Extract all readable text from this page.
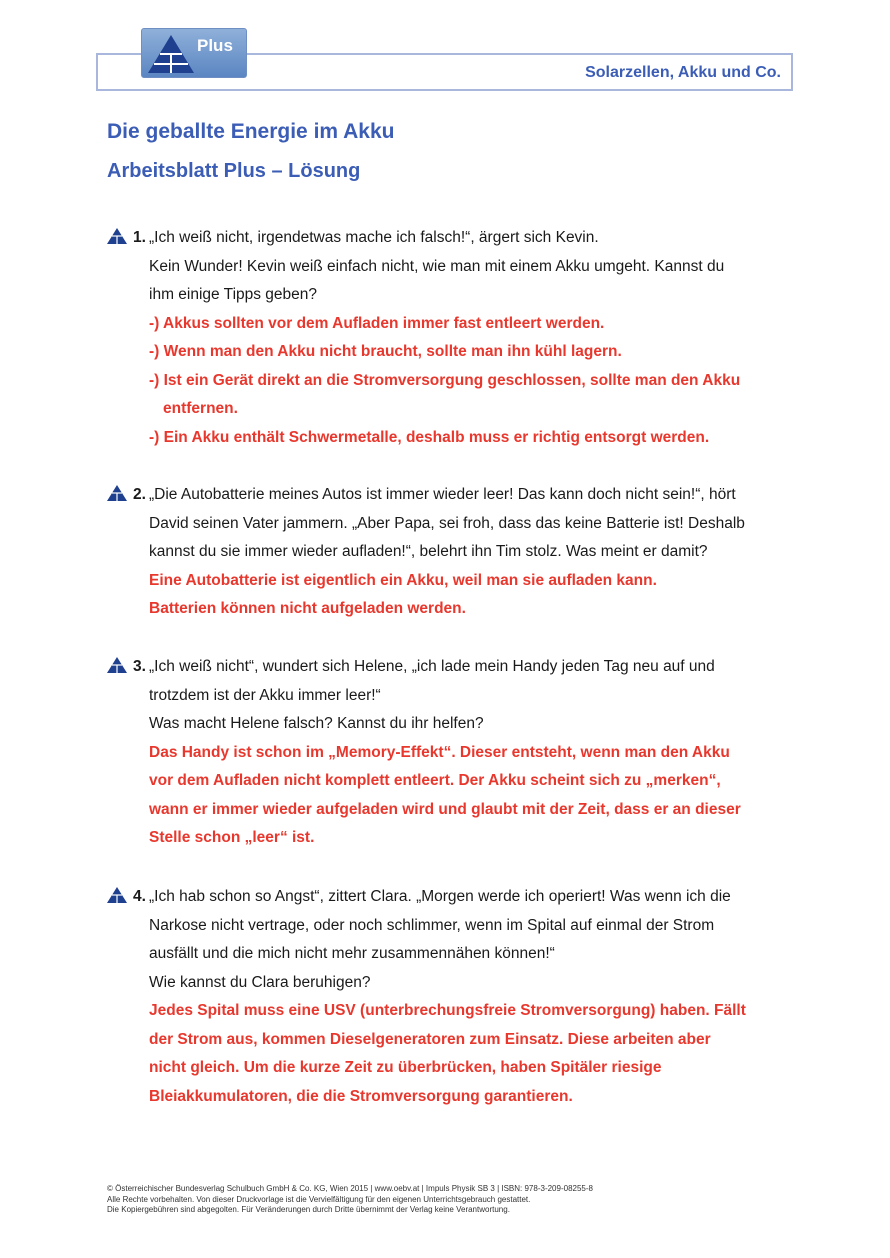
Solarzellen, Akku und Co.
Plus
Die geballte Energie im Akku
Arbeitsblatt Plus – Lösung
1. „Ich weiß nicht, irgendetwas mache ich falsch!“, ärgert sich Kevin.
Kein Wunder! Kevin weiß einfach nicht, wie man mit einem Akku umgeht. Kannst du
ihm einige Tipps geben?
-) Akkus sollten vor dem Aufladen immer fast entleert werden.
-) Wenn man den Akku nicht braucht, sollte man ihn kühl lagern.
-) Ist ein Gerät direkt an die Stromversorgung geschlossen, sollte man den Akku
entfernen.
-) Ein Akku enthält Schwermetalle, deshalb muss er richtig entsorgt werden.
2. „Die Autobatterie meines Autos ist immer wieder leer! Das kann doch nicht sein!“, hört
David seinen Vater jammern. „Aber Papa, sei froh, dass das keine Batterie ist! Deshalb
kannst du sie immer wieder aufladen!“, belehrt ihn Tim stolz. Was meint er damit?
Eine Autobatterie ist eigentlich ein Akku, weil man sie aufladen kann.
Batterien können nicht aufgeladen werden.
3. „Ich weiß nicht“, wundert sich Helene, „ich lade mein Handy jeden Tag neu auf und
trotzdem ist der Akku immer leer!“
Was macht Helene falsch? Kannst du ihr helfen?
Das Handy ist schon im „Memory-Effekt“. Dieser entsteht, wenn man den Akku
vor dem Aufladen nicht komplett entleert. Der Akku scheint sich zu „merken“,
wann er immer wieder aufgeladen wird und glaubt mit der Zeit, dass er an dieser
Stelle schon „leer“ ist.
4. „Ich hab schon so Angst“, zittert Clara. „Morgen werde ich operiert! Was wenn ich die
Narkose nicht vertrage, oder noch schlimmer, wenn im Spital auf einmal der Strom
ausfällt und die mich nicht mehr zusammennähen können!“
Wie kannst du Clara beruhigen?
Jedes Spital muss eine USV (unterbrechungsfreie Stromversorgung) haben. Fällt
der Strom aus, kommen Dieselgeneratoren zum Einsatz. Diese arbeiten aber
nicht gleich. Um die kurze Zeit zu überbrücken, haben Spitäler riesige
Bleiakkumulatoren, die die Stromversorgung garantieren.
© Österreichischer Bundesverlag Schulbuch GmbH & Co. KG, Wien 2015 | www.oebv.at | Impuls Physik SB 3 | ISBN: 978-3-209-08255-8
Alle Rechte vorbehalten. Von dieser Druckvorlage ist die Vervielfältigung für den eigenen Unterrichtsgebrauch gestattet.
Die Kopiergebühren sind abgegolten. Für Veränderungen durch Dritte übernimmt der Verlag keine Verantwortung.
